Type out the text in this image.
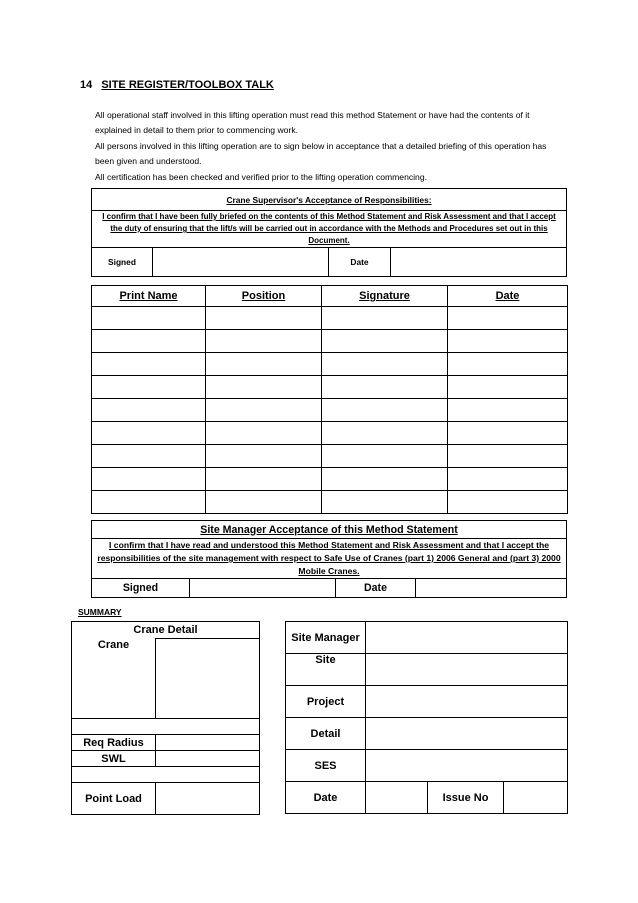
14 SITE REGISTER/TOOLBOX TALK

All operational staff involved in this lifting operation must read this method Statement or have had the contents of it explained in detail to them prior to commencing work.

All persons involved in this lifting operation are to sign below in acceptance that a detailed briefing of this operation has been given and understood.

All certification has been checked and verified prior to the lifting operation commencing.

Crane Supervisor's Acceptance of Responsibilities:
I confirm that I have been fully briefed on the contents of this Method Statement and Risk Assessment and that I accept the duty of ensuring that the lift/s will be carried out in accordance with the Methods and Procedures set out in this Document.
Signed		Date	
Print Name	Position	Signature	Date

Site Manager Acceptance of this Method Statement
I confirm that I have read and understood this Method Statement and Risk Assessment and that I accept the responsibilities of the site management with respect to Safe Use of Cranes (part 1) 2006 General and (part 3) 2000 Mobile Cranes.
Signed		Date	
SUMMARY
Crane Detail	
Crane	

Req Radius	
SWL	

Point Load	
Site Manager			
Site			
Project			
Detail			
SES			
Date		Issue No	
